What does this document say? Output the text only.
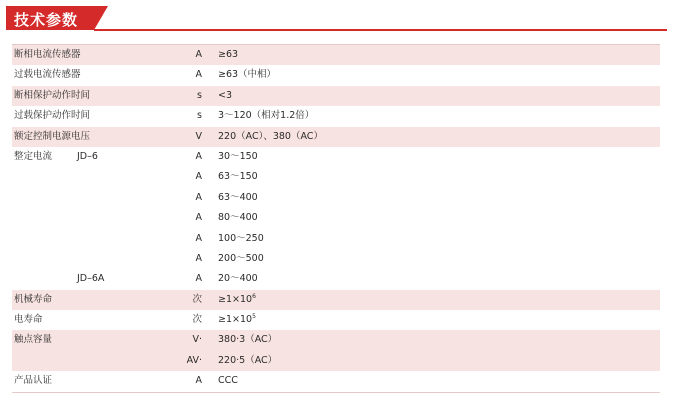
技术参数
断相电流传感器	A ≥63
过载电流传感器	A ≥63（中相）
断相保护动作时间	s <3
过载保护动作时间	s 3～120（相对1.2倍）
额定控制电源电压	V 220（AC）、380（AC）
整定电流	JD–6	A 30～150
A 63～150
A 63～400
A 80～400
A 100～250
A 200～500
JD–6A	A 20～400
机械寿命	次 $\ge 1\times 10^6$
电寿命	次 $\ge 1\times 10^5$
触点容量	V· 380·3（AC）
AV· 220·5（AC）
产品认证	A CCC
